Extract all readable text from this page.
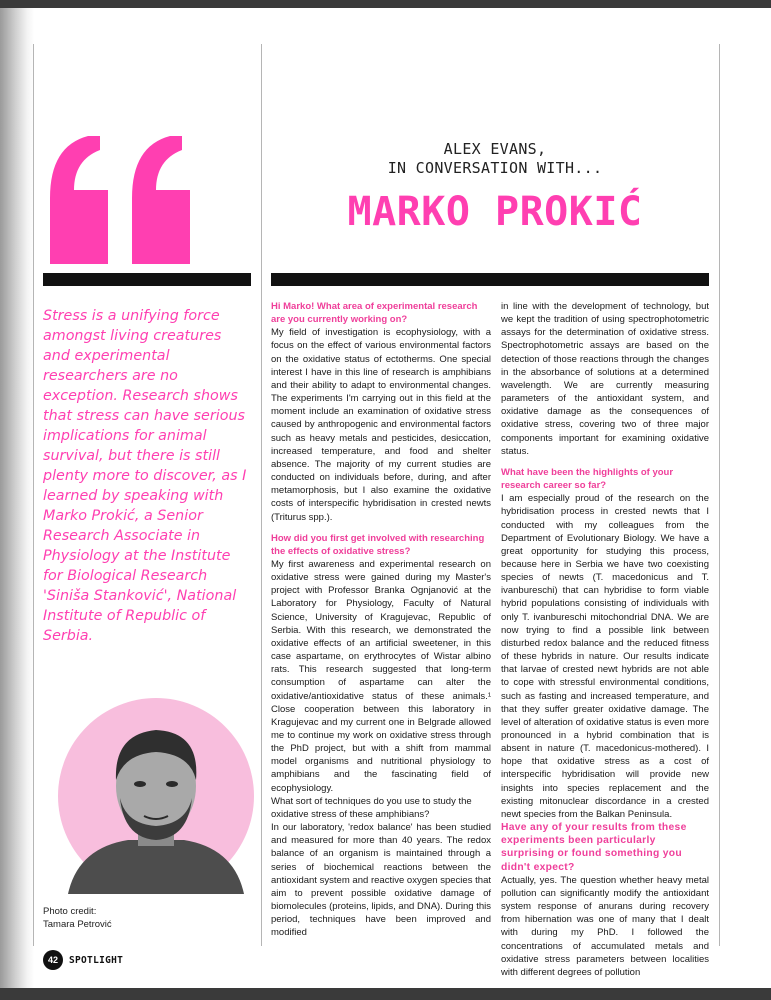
ALEX EVANS,
IN CONVERSATION WITH...
MARKO PROKIĆ
Stress is a unifying force amongst living creatures and experimental researchers are no exception. Research shows that stress can have serious implications for animal survival, but there is still plenty more to discover, as I learned by speaking with Marko Prokić, a Senior Research Associate in Physiology at the Institute for Biological Research 'Siniša Stanković', National Institute of Republic of Serbia.
Photo credit:
Tamara Petrović
42	SPOTLIGHT

Hi Marko! What area of experimental research are you currently working on?

My field of investigation is ecophysiology, with a focus on the effect of various environmental factors on the oxidative status of ectotherms. One special interest I have in this line of research is amphibians and their ability to adapt to environmental changes. The experiments I'm carrying out in this field at the moment include an examination of oxidative stress caused by anthropogenic and environmental factors such as heavy metals and pesticides, desiccation, increased temperature, and food and shelter absence. The majority of my current studies are conducted on individuals before, during, and after metamorphosis, but I also examine the oxidative costs of interspecific hybridisation in crested newts (Triturus spp.).

How did you first get involved with researching the effects of oxidative stress?

My first awareness and experimental research on oxidative stress were gained during my Master's project with Professor Branka Ognjanović at the Laboratory for Physiology, Faculty of Natural Science, University of Kragujevac, Republic of Serbia. With this research, we demonstrated the oxidative effects of an artificial sweetener, in this case aspartame, on erythrocytes of Wistar albino rats. This research suggested that long-term consumption of aspartame can alter the oxidative/antioxidative status of these animals.¹ Close cooperation between this laboratory in Kragujevac and my current one in Belgrade allowed me to continue my work on oxidative stress through the PhD project, but with a shift from mammal model organisms and nutritional physiology to amphibians and the fascinating field of ecophysiology.

What sort of techniques do you use to study the oxidative stress of these amphibians?

In our laboratory, 'redox balance' has been studied and measured for more than 40 years. The redox balance of an organism is maintained through a series of biochemical reactions between the antioxidant system and reactive oxygen species that aim to prevent possible oxidative damage of biomolecules (proteins, lipids, and DNA). During this period, techniques have been improved and modified

in line with the development of technology, but we kept the tradition of using spectrophotometric assays for the determination of oxidative stress. Spectrophotometric assays are based on the detection of those reactions through the changes in the absorbance of solutions at a determined wavelength. We are currently measuring parameters of the antioxidant system, and oxidative damage as the consequences of oxidative stress, covering two of three major components important for examining oxidative status.

What have been the highlights of your research career so far?

I am especially proud of the research on the hybridisation process in crested newts that I conducted with my colleagues from the Department of Evolutionary Biology. We have a great opportunity for studying this process, because here in Serbia we have two coexisting species of newts (T. macedonicus and T. ivanbureschi) that can hybridise to form viable hybrid populations consisting of individuals with only T. ivanbureschi mitochondrial DNA. We are now trying to find a possible link between disturbed redox balance and the reduced fitness of these hybrids in nature. Our results indicate that larvae of crested newt hybrids are not able to cope with stressful environmental conditions, such as fasting and increased temperature, and that they suffer greater oxidative damage. The level of alteration of oxidative status is even more pronounced in a hybrid combination that is absent in nature (T. macedonicus-mothered). I hope that oxidative stress as a cost of interspecific hybridisation will provide new insights into species replacement and the existing mitonuclear discordance in a crested newt species from the Balkan Peninsula.

Have any of your results from these experiments been particularly surprising or found something you didn't expect?

Actually, yes. The question whether heavy metal pollution can significantly modify the antioxidant system response of anurans during recovery from hibernation was one of many that I dealt with during my PhD. I followed the concentrations of accumulated metals and oxidative stress parameters between localities with different degrees of pollution
